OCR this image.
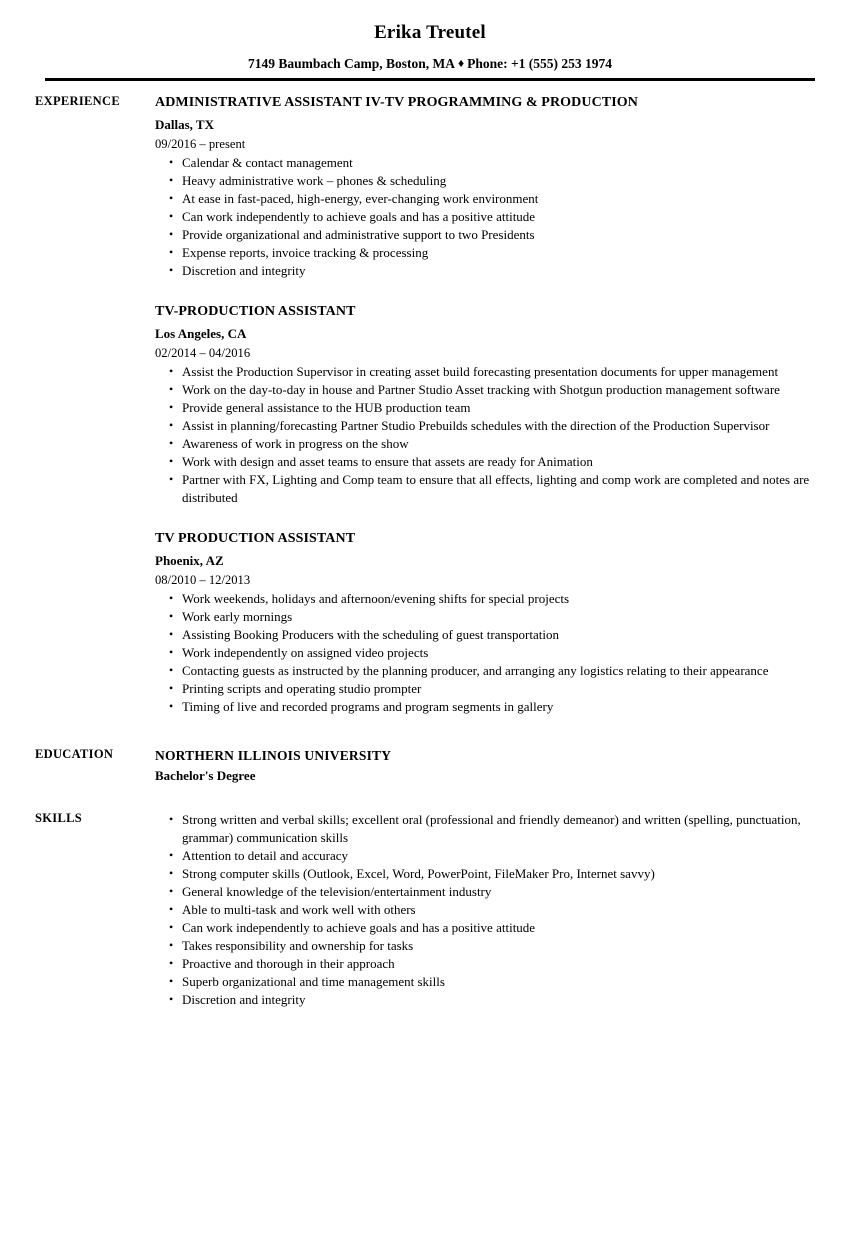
Erika Treutel
7149 Baumbach Camp, Boston, MA ♦ Phone: +1 (555) 253 1974
EXPERIENCE	ADMINISTRATIVE ASSISTANT IV-TV PROGRAMMING & PRODUCTION
Dallas, TX
09/2016 – present
• Calendar & contact management
• Heavy administrative work – phones & scheduling
• At ease in fast-paced, high-energy, ever-changing work environment
• Can work independently to achieve goals and has a positive attitude
• Provide organizational and administrative support to two Presidents
• Expense reports, invoice tracking & processing
• Discretion and integrity
TV-PRODUCTION ASSISTANT
Los Angeles, CA
02/2014 – 04/2016
• Assist the Production Supervisor in creating asset build forecasting presentation documents for upper management
• Work on the day-to-day in house and Partner Studio Asset tracking with Shotgun production management software
• Provide general assistance to the HUB production team
• Assist in planning/forecasting Partner Studio Prebuilds schedules with the direction of the Production Supervisor
• Awareness of work in progress on the show
• Work with design and asset teams to ensure that assets are ready for Animation
• Partner with FX, Lighting and Comp team to ensure that all effects, lighting and comp work are completed and notes are distributed
TV PRODUCTION ASSISTANT
Phoenix, AZ
08/2010 – 12/2013
• Work weekends, holidays and afternoon/evening shifts for special projects
• Work early mornings
• Assisting Booking Producers with the scheduling of guest transportation
• Work independently on assigned video projects
• Contacting guests as instructed by the planning producer, and arranging any logistics relating to their appearance
• Printing scripts and operating studio prompter
• Timing of live and recorded programs and program segments in gallery
EDUCATION	NORTHERN ILLINOIS UNIVERSITY
Bachelor's Degree
SKILLS	• Strong written and verbal skills; excellent oral (professional and friendly demeanor) and written (spelling, punctuation, grammar) communication skills
• Attention to detail and accuracy
• Strong computer skills (Outlook, Excel, Word, PowerPoint, FileMaker Pro, Internet savvy)
• General knowledge of the television/entertainment industry
• Able to multi-task and work well with others
• Can work independently to achieve goals and has a positive attitude
• Takes responsibility and ownership for tasks
• Proactive and thorough in their approach
• Superb organizational and time management skills
• Discretion and integrity
